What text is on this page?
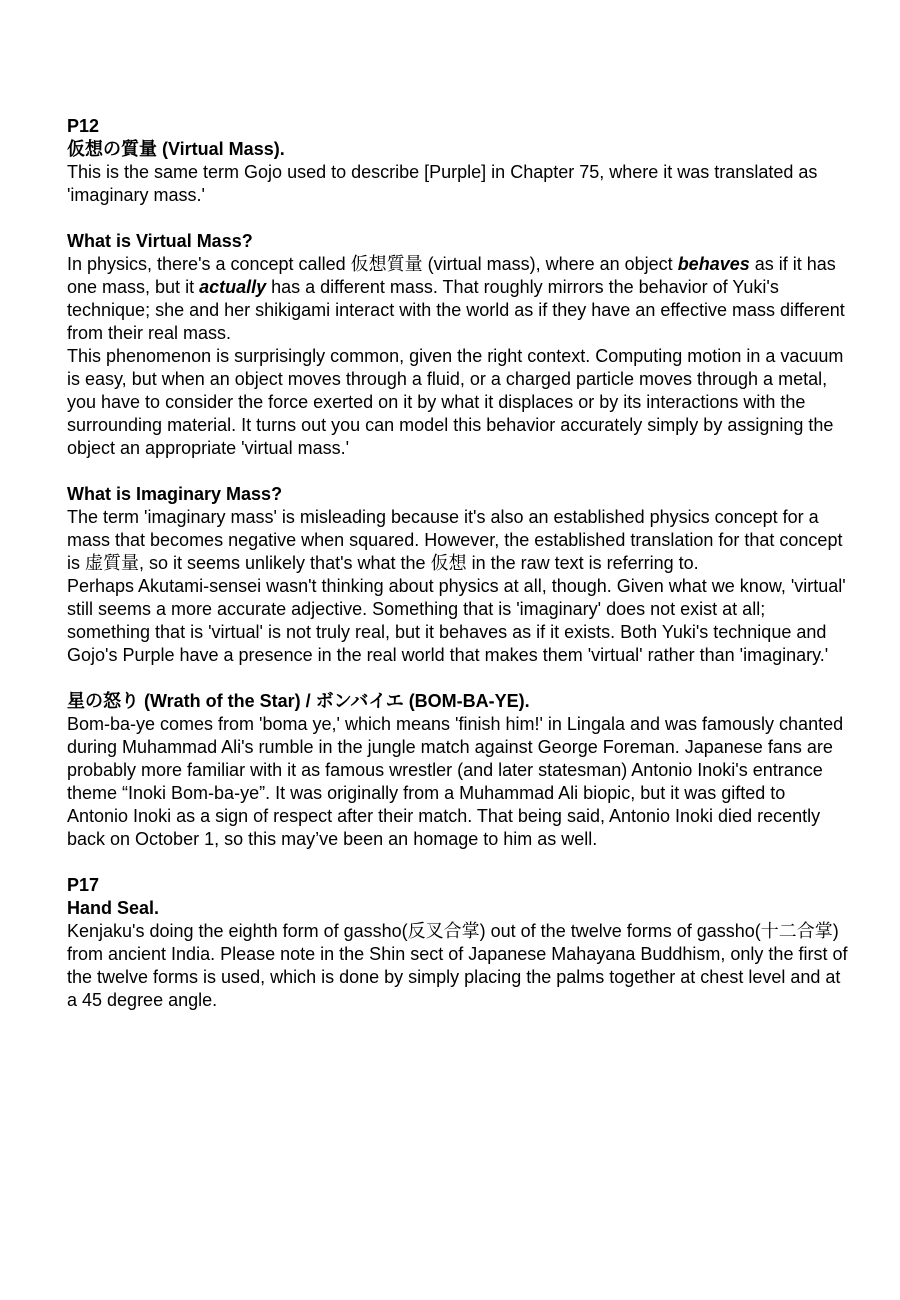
P12
仮想の質量 (Virtual Mass).
This is the same term Gojo used to describe [Purple] in Chapter 75, where it was translated as 'imaginary mass.'
What is Virtual Mass?
In physics, there's a concept called 仮想質量 (virtual mass), where an object behaves as if it has one mass, but it actually has a different mass. That roughly mirrors the behavior of Yuki's technique; she and her shikigami interact with the world as if they have an effective mass different from their real mass.
This phenomenon is surprisingly common, given the right context. Computing motion in a vacuum is easy, but when an object moves through a fluid, or a charged particle moves through a metal, you have to consider the force exerted on it by what it displaces or by its interactions with the surrounding material. It turns out you can model this behavior accurately simply by assigning the object an appropriate 'virtual mass.'
What is Imaginary Mass?
The term 'imaginary mass' is misleading because it's also an established physics concept for a mass that becomes negative when squared. However, the established translation for that concept is 虚質量, so it seems unlikely that's what the 仮想 in the raw text is referring to.
Perhaps Akutami-sensei wasn't thinking about physics at all, though. Given what we know, 'virtual' still seems a more accurate adjective. Something that is 'imaginary' does not exist at all; something that is 'virtual' is not truly real, but it behaves as if it exists. Both Yuki's technique and Gojo's Purple have a presence in the real world that makes them 'virtual' rather than 'imaginary.'
星の怒り (Wrath of the Star) / ボンバイエ (BOM-BA-YE).
Bom-ba-ye comes from 'boma ye,' which means 'finish him!' in Lingala and was famously chanted during Muhammad Ali's rumble in the jungle match against George Foreman. Japanese fans are probably more familiar with it as famous wrestler (and later statesman) Antonio Inoki's entrance theme “Inoki Bom-ba-ye”. It was originally from a Muhammad Ali biopic, but it was gifted to Antonio Inoki as a sign of respect after their match. That being said, Antonio Inoki died recently back on October 1, so this may’ve been an homage to him as well.
P17
Hand Seal.
Kenjaku's doing the eighth form of gassho(反叉合掌) out of the twelve forms of gassho(十二合掌) from ancient India. Please note in the Shin sect of Japanese Mahayana Buddhism, only the first of the twelve forms is used, which is done by simply placing the palms together at chest level and at a 45 degree angle.
